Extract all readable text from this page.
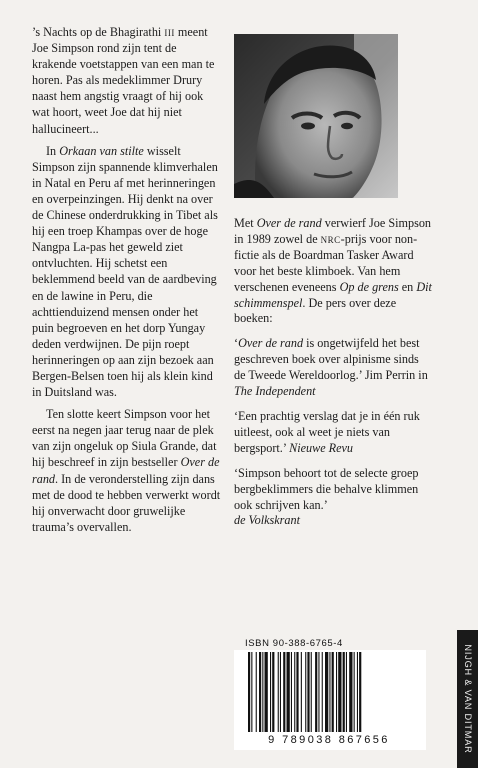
’s Nachts op de Bhagirathi iii meent Joe Simpson rond zijn tent de krakende voetstappen van een man te horen. Pas als medeklimmer Drury naast hem angstig vraagt of hij ook wat hoort, weet Joe dat hij niet hallucineert...

In Orkaan van stilte wisselt Simpson zijn spannende klimverhalen in Natal en Peru af met herinneringen en overpeinzingen. Hij denkt na over de Chinese onderdrukking in Tibet als hij een troep Khampas over de hoge Nangpa La-pas het geweld ziet ontvluchten. Hij schetst een beklemmend beeld van de aardbeving en de lawine in Peru, die achttienduizend mensen onder het puin begroeven en het dorp Yungay deden verdwijnen. De pijn roept herinneringen op aan zijn bezoek aan Bergen-Belsen toen hij als klein kind in Duitsland was.

Ten slotte keert Simpson voor het eerst na negen jaar terug naar de plek van zijn ongeluk op Siula Grande, dat hij beschreef in zijn bestseller Over de rand. In de veronderstelling zijn dans met de dood te hebben verwerkt wordt hij onverwacht door gruwelijke trauma’s overvallen.

Met Over de rand verwierf Joe Simpson in 1989 zowel de nrc-prijs voor non-fictie als de Boardman Tasker Award voor het beste klimboek. Van hem verschenen eveneens Op de grens en Dit schimmenspel. De pers over deze boeken:

‘Over de rand is ongetwijfeld het best geschreven boek over alpinisme sinds de Tweede Wereldoorlog.’ Jim Perrin in
The Independent

‘Een prachtig verslag dat je in één ruk uitleest, ook al weet je niets van bergsport.’ Nieuwe Revu

‘Simpson behoort tot de selecte groep bergbeklimmers die behalve klimmen ook schrijven kan.’
de Volkskrant

ISBN 90-388-6765-4
9 789038 867656	NIJGH & VAN DITMAR
